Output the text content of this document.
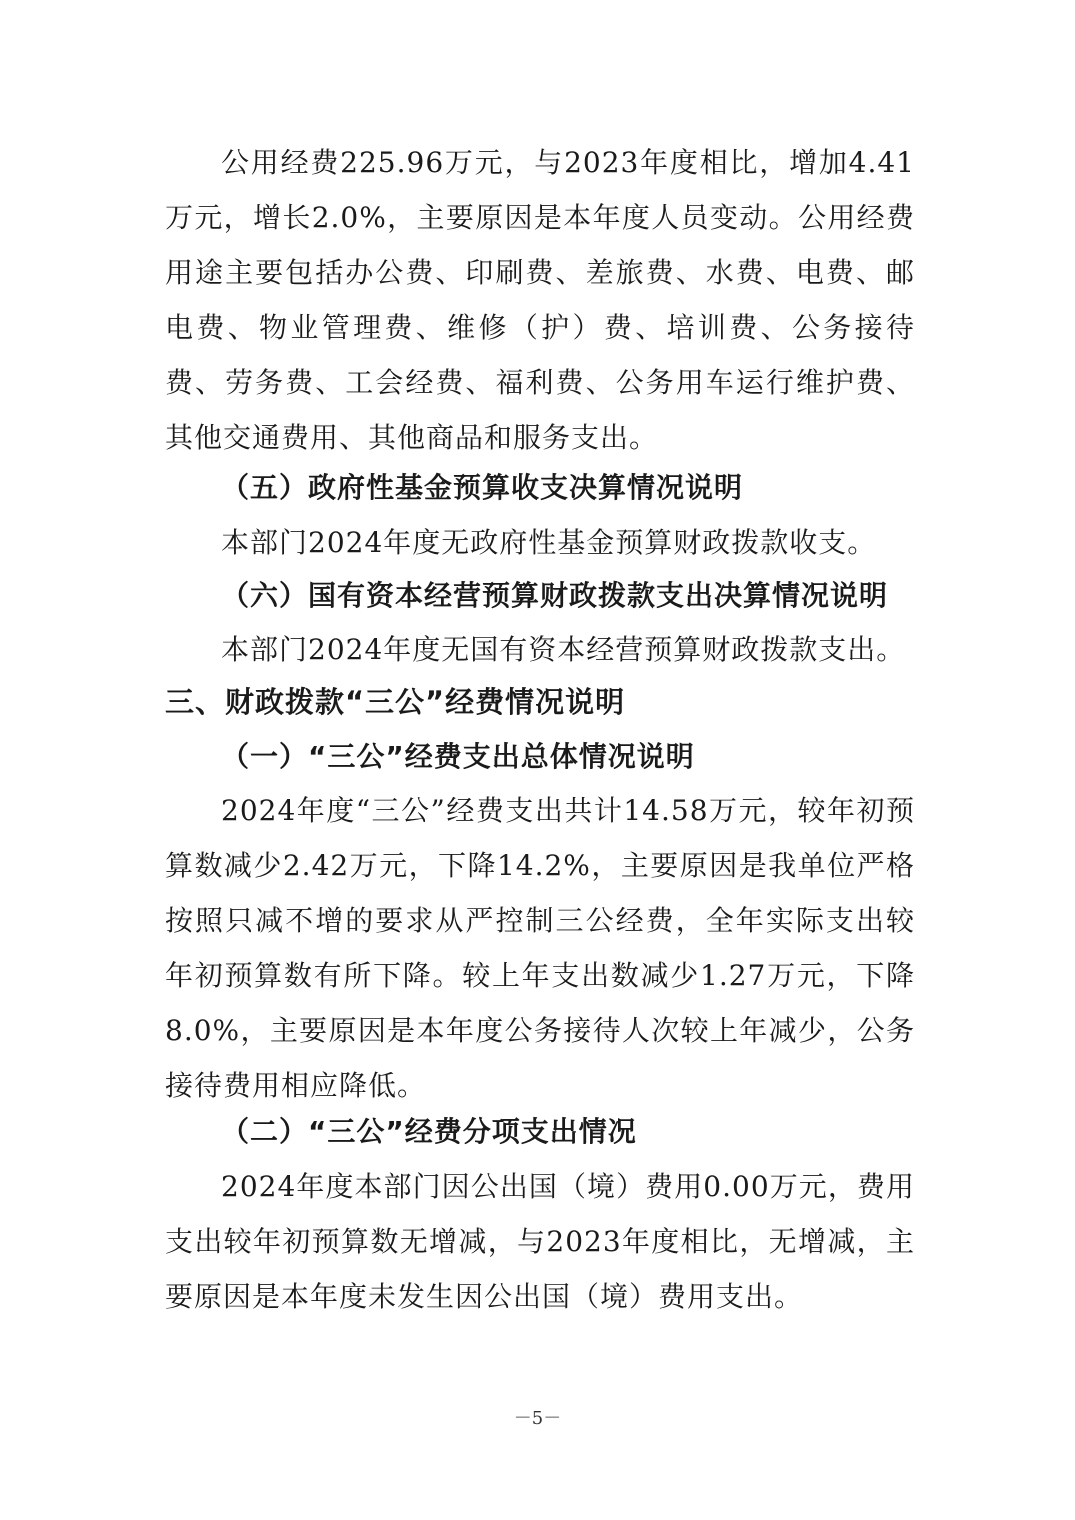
公用经费225.96万元，与2023年度相比，增加4.41万元，增长2.0%，主要原因是本年度人员变动。公用经费用途主要包括办公费、印刷费、差旅费、水费、电费、邮电费、物业管理费、维修（护）费、培训费、公务接待费、劳务费、工会经费、福利费、公务用车运行维护费、其他交通费用、其他商品和服务支出。
（五）政府性基金预算收支决算情况说明
本部门2024年度无政府性基金预算财政拨款收支。
（六）国有资本经营预算财政拨款支出决算情况说明
本部门2024年度无国有资本经营预算财政拨款支出。
三、财政拨款“三公”经费情况说明
（一）“三公”经费支出总体情况说明
2024年度“三公”经费支出共计14.58万元，较年初预算数减少2.42万元，下降14.2%，主要原因是我单位严格按照只减不增的要求从严控制三公经费，全年实际支出较年初预算数有所下降。较上年支出数减少1.27万元，下降8.0%，主要原因是本年度公务接待人次较上年减少，公务接待费用相应降低。
（二）“三公”经费分项支出情况
2024年度本部门因公出国（境）费用0.00万元，费用支出较年初预算数无增减，与2023年度相比，无增减，主要原因是本年度未发生因公出国（境）费用支出。
－5－
